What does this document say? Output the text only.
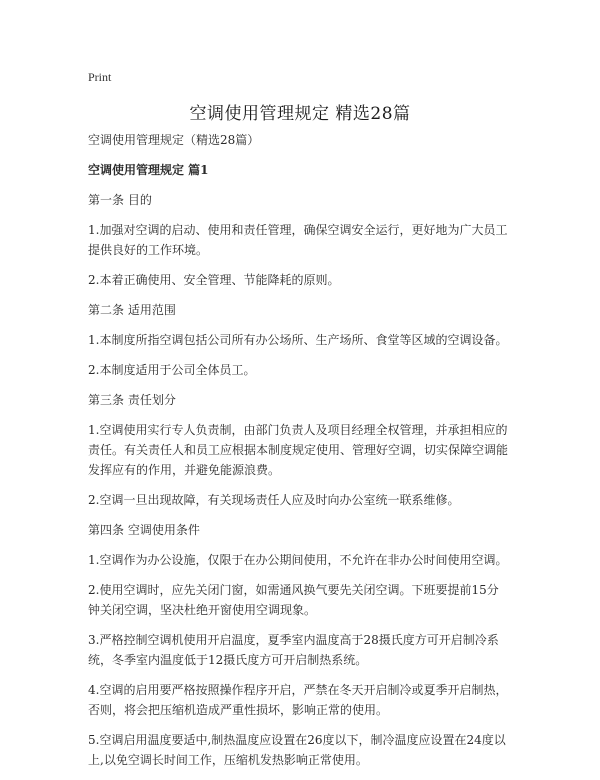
Print
空调使用管理规定 精选28篇

空调使用管理规定（精选28篇）

空调使用管理规定 篇1

第一条 目的

1.加强对空调的启动、使用和责任管理，确保空调安全运行，更好地为广大员工提供良好的工作环境。

2.本着正确使用、安全管理、节能降耗的原则。

第二条 适用范围

1.本制度所指空调包括公司所有办公场所、生产场所、食堂等区域的空调设备。

2.本制度适用于公司全体员工。

第三条 责任划分

1.空调使用实行专人负责制，由部门负责人及项目经理全权管理，并承担相应的责任。有关责任人和员工应根据本制度规定使用、管理好空调，切实保障空调能发挥应有的作用，并避免能源浪费。

2.空调一旦出现故障，有关现场责任人应及时向办公室统一联系维修。

第四条 空调使用条件

1.空调作为办公设施，仅限于在办公期间使用，不允许在非办公时间使用空调。

2.使用空调时，应先关闭门窗，如需通风换气要先关闭空调。下班要提前15分钟关闭空调，坚决杜绝开窗使用空调现象。

3.严格控制空调机使用开启温度，夏季室内温度高于28摄氏度方可开启制冷系统，冬季室内温度低于12摄氏度方可开启制热系统。

4.空调的启用要严格按照操作程序开启，严禁在冬天开启制冷或夏季开启制热，否则，将会把压缩机造成严重性损坏，影响正常的使用。

5.空调启用温度要适中,制热温度应设置在26度以下，制冷温度应设置在24度以上,以免空调长时间工作，压缩机发热影响正常使用。
